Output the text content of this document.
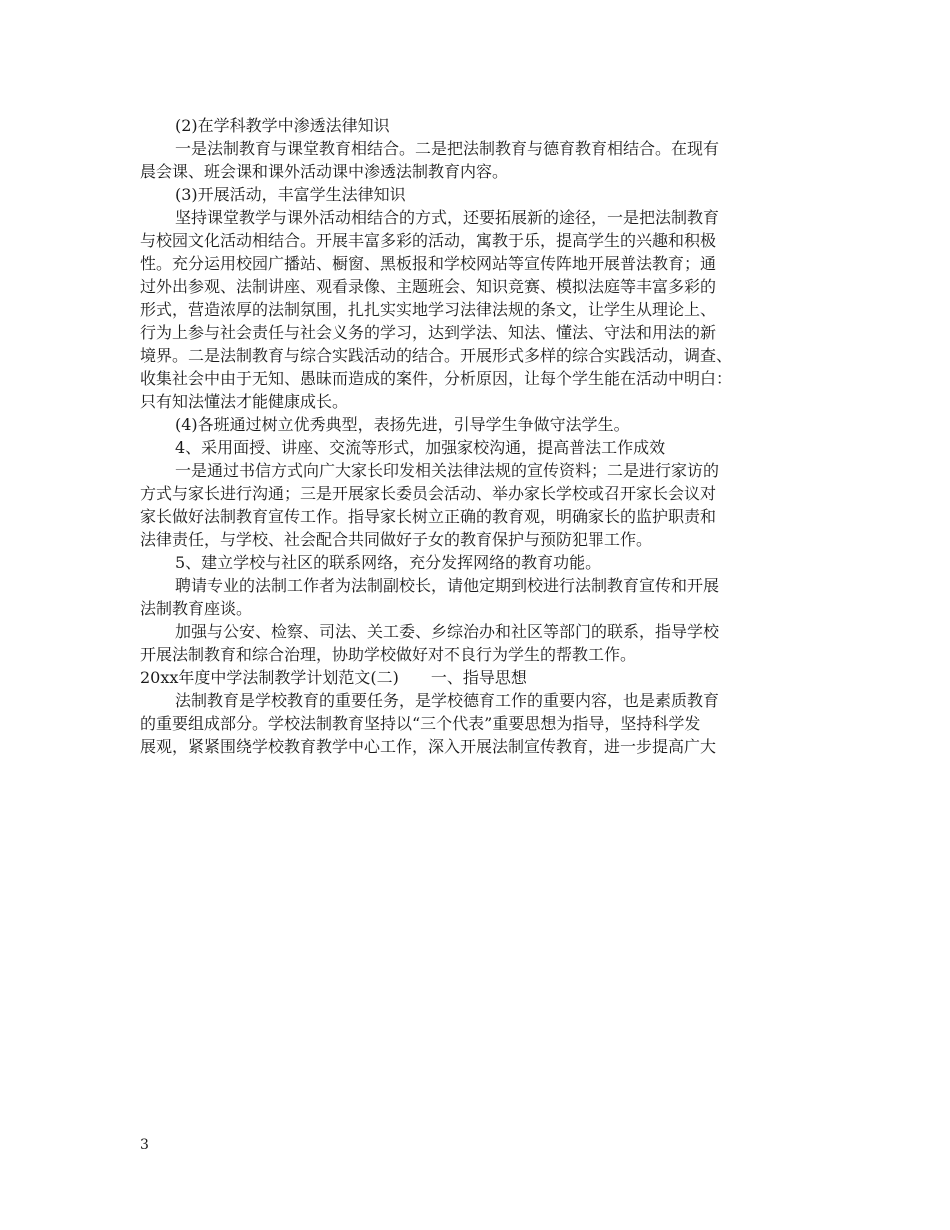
(2)在学科教学中渗透法律知识
一是法制教育与课堂教育相结合。二是把法制教育与德育教育相结合。在现有
晨会课、班会课和课外活动课中渗透法制教育内容。
(3)开展活动，丰富学生法律知识
坚持课堂教学与课外活动相结合的方式，还要拓展新的途径，一是把法制教育
与校园文化活动相结合。开展丰富多彩的活动，寓教于乐，提高学生的兴趣和积极
性。充分运用校园广播站、橱窗、黑板报和学校网站等宣传阵地开展普法教育；通
过外出参观、法制讲座、观看录像、主题班会、知识竞赛、模拟法庭等丰富多彩的
形式，营造浓厚的法制氛围，扎扎实实地学习法律法规的条文，让学生从理论上、
行为上参与社会责任与社会义务的学习，达到学法、知法、懂法、守法和用法的新
境界。二是法制教育与综合实践活动的结合。开展形式多样的综合实践活动，调查、
收集社会中由于无知、愚昧而造成的案件，分析原因，让每个学生能在活动中明白：
只有知法懂法才能健康成长。
(4)各班通过树立优秀典型，表扬先进，引导学生争做守法学生。
4、采用面授、讲座、交流等形式，加强家校沟通，提高普法工作成效
一是通过书信方式向广大家长印发相关法律法规的宣传资料；二是进行家访的
方式与家长进行沟通；三是开展家长委员会活动、举办家长学校或召开家长会议对
家长做好法制教育宣传工作。指导家长树立正确的教育观，明确家长的监护职责和
法律责任，与学校、社会配合共同做好子女的教育保护与预防犯罪工作。
5、建立学校与社区的联系网络，充分发挥网络的教育功能。
聘请专业的法制工作者为法制副校长，请他定期到校进行法制教育宣传和开展
法制教育座谈。
加强与公安、检察、司法、关工委、乡综治办和社区等部门的联系，指导学校
开展法制教育和综合治理，协助学校做好对不良行为学生的帮教工作。
20xx年度中学法制教学计划范文(二)　　一、指导思想
法制教育是学校教育的重要任务，是学校德育工作的重要内容，也是素质教育
的重要组成部分。学校法制教育坚持以“三个代表”重要思想为指导，坚持科学发
展观，紧紧围绕学校教育教学中心工作，深入开展法制宣传教育，进一步提高广大
3
